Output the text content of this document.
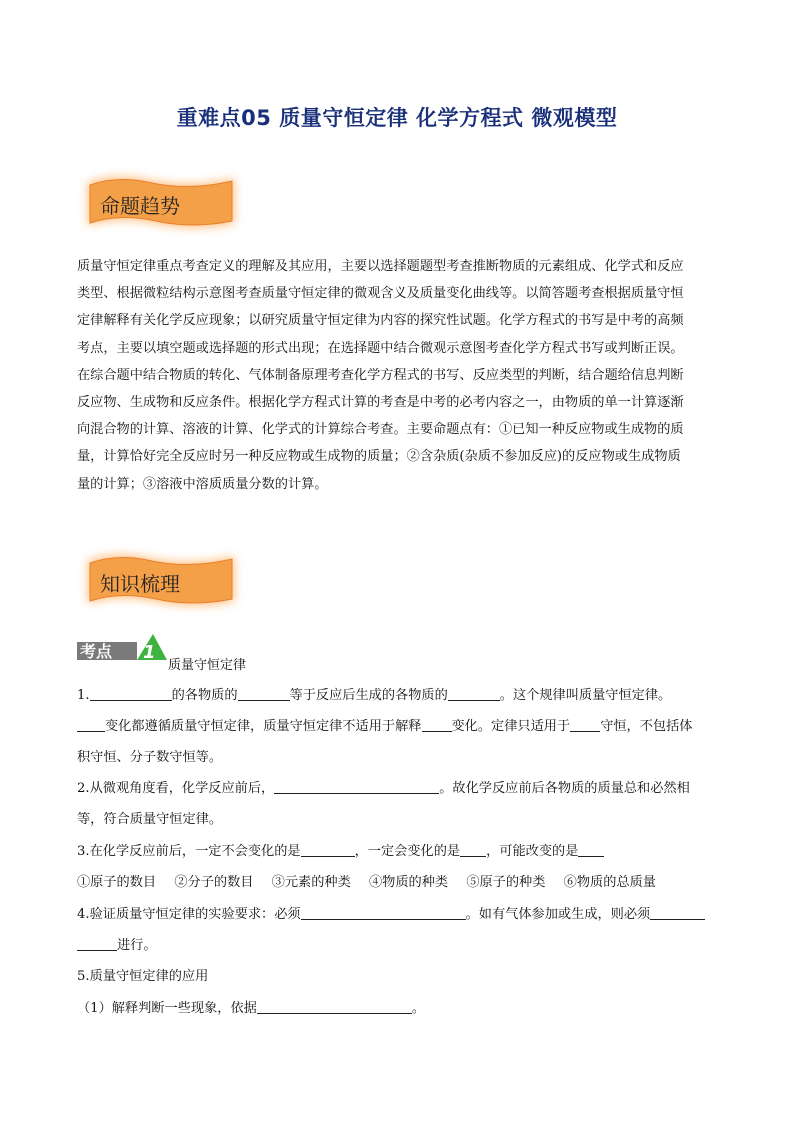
重难点05 质量守恒定律 化学方程式 微观模型
命题趋势

质量守恒定律重点考查定义的理解及其应用，主要以选择题题型考查推断物质的元素组成、化学式和反应

类型、根据微粒结构示意图考查质量守恒定律的微观含义及质量变化曲线等。以简答题考查根据质量守恒

定律解释有关化学反应现象；以研究质量守恒定律为内容的探究性试题。化学方程式的书写是中考的高频

考点，主要以填空题或选择题的形式出现；在选择题中结合微观示意图考查化学方程式书写或判断正误。

在综合题中结合物质的转化、气体制备原理考查化学方程式的书写、反应类型的判断，结合题给信息判断

反应物、生成物和反应条件。根据化学方程式计算的考查是中考的必考内容之一，由物质的单一计算逐渐

向混合物的计算、溶液的计算、化学式的计算综合考查。主要命题点有：①已知一种反应物或生成物的质

量，计算恰好完全反应时另一种反应物或生成物的质量；②含杂质(杂质不参加反应)的反应物或生成物质

量的计算；③溶液中溶质质量分数的计算。

知识梳理
考点 1
质量守恒定律
1.	的各物质的	等于反应后生成的各物质的	。这个规律叫质量守恒定律。
变化都遵循质量守恒定律，质量守恒定律不适用于解释 变化。定律只适用于 守恒，不包括体
积守恒、分子数守恒等。
2.从微观角度看，化学反应前后，	。故化学反应前后各物质的质量总和必然相
等，符合质量守恒定律。
3.在化学反应前后，一定不会变化的是	，一定会变化的是 ，可能改变的是
①原子的数目 ②分子的数目 ③元素的种类 ④物质的种类 ⑤原子的种类 ⑥物质的总质量
4.验证质量守恒定律的实验要求：必须	。如有气体参加或生成，则必须
进行。
5.质量守恒定律的应用
（1）解释判断一些现象，依据	。
